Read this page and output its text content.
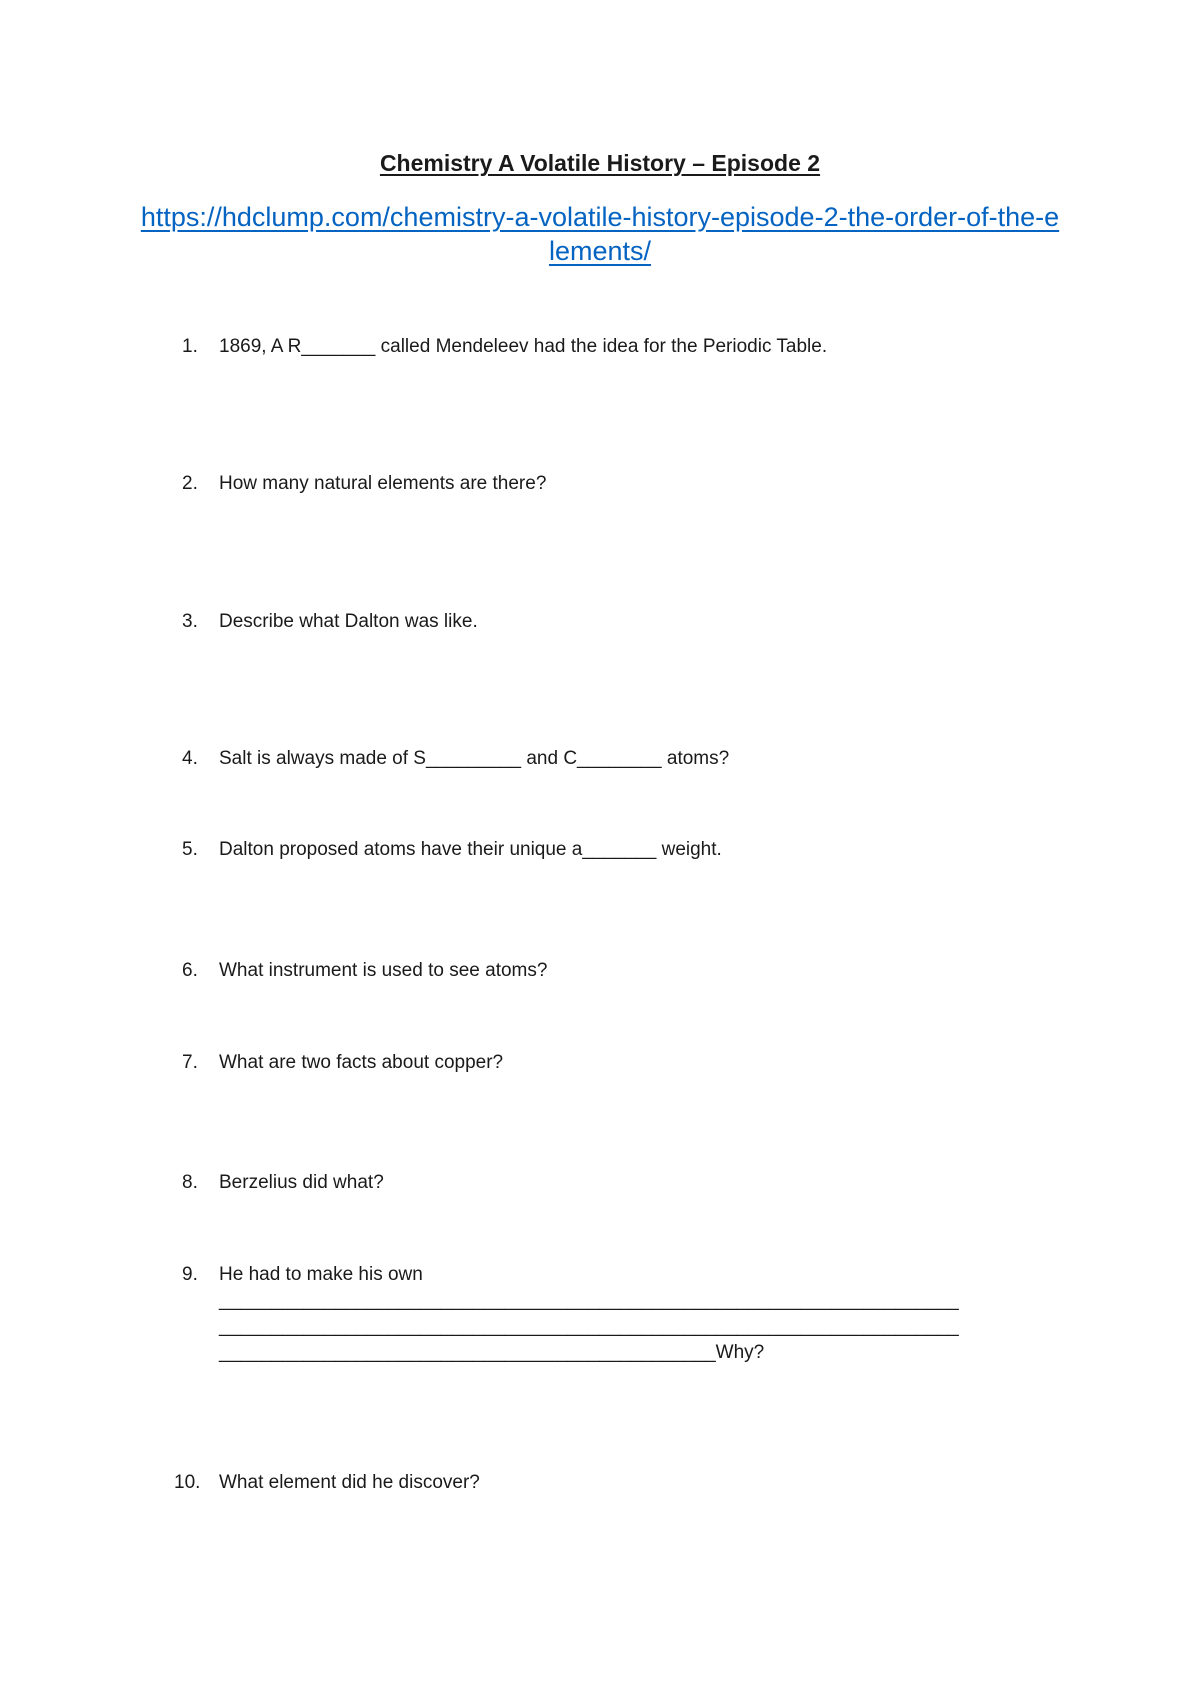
Chemistry A Volatile History – Episode 2
https://hdclump.com/chemistry-a-volatile-history-episode-2-the-order-of-the-elements/
1.	1869, A R_______ called Mendeleev had the idea for the Periodic Table.
2.	How many natural elements are there?
3.	Describe what Dalton was like.
4.	Salt is always made of S_________ and C________ atoms?
5.	Dalton proposed atoms have their unique a_______ weight.
6.	What instrument is used to see atoms?
7.	What are two facts about copper?
8.	Berzelius did what?
9.	He had to make his own
______________________________________________________________________
______________________________________________________________________
_______________________________________________Why?
10. What element did he discover?
